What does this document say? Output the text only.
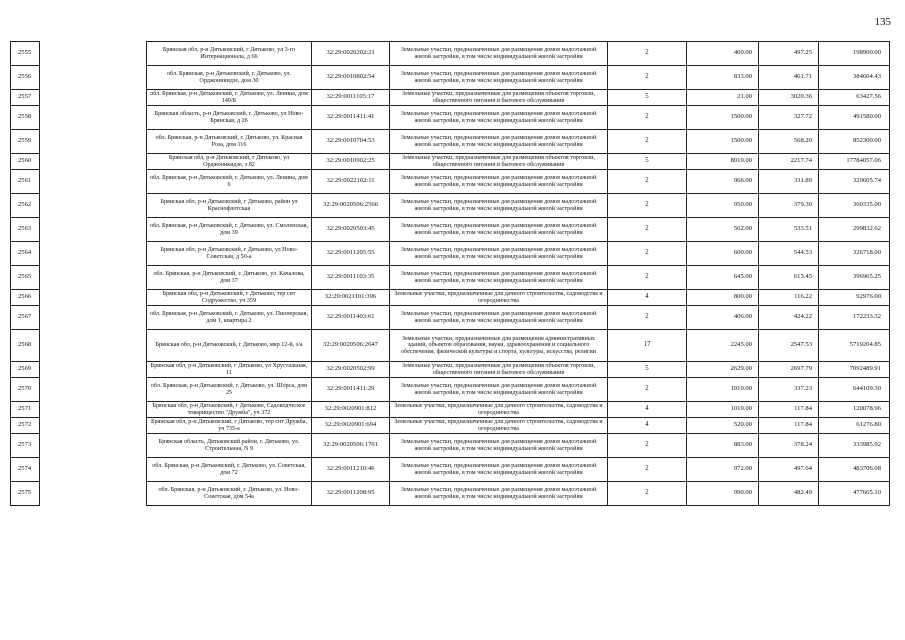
135
2555		Брянская обл, р-н Дятьковский, г Дятьково, ул 3-го Интернационала, д 66	32:29:0020202:21	Земельные участки, предназначенные для размещения домов малоэтажной жилой застройки, в том числе индивидуальной жилой застройки	2	400.00	497.25	198900.00
2556		обл. Брянская, р-н Дятьковский, г. Дятьково, ул. Орджоникидзе, дом 30	32:29:0010802:54	Земельные участки, предназначенные для размещения домов малоэтажной жилой застройки, в том числе индивидуальной жилой застройки	2	833.00	461.71	384604.43
2557		обл. Брянская, р-н Дятьковский, г. Дятьково, ул. Ленина, дом 149/Б	32:29:0011105:17	Земельные участки, предназначенные для размещения объектов торговли, общественного питания и бытового обслуживания	5	21.00	3020.36	63427.56
2558		Брянская область, р-н Дятьковский, г. Дятьково, ул Ново-Брянская, д 26	32:29:0011411:41	Земельные участки, предназначенные для размещения домов малоэтажной жилой застройки, в том числе индивидуальной жилой застройки	2	1500.00	327.72	491580.00
2559		обл. Брянская, р-н Дятьковский, г. Дятьково, ул. Красная Роза, дом 116	32:29:0010704:53	Земельные участки, предназначенные для размещения домов малоэтажной жилой застройки, в том числе индивидуальной жилой застройки	2	1500.00	568.20	852300.00
2560		Брянская обл, р-н Дятьковский, г Дятьково, ул Орджоникидзе, з 82	32:29:0010902:25	Земельные участки, предназначенные для размещения объектов торговли, общественного питания и бытового обслуживания	5	8019.00	2217.74	17784057.06
2561		обл. Брянская, р-н Дятьковский, г. Дятьково, ул. Ленина, дом 6	32:29:0022102:11	Земельные участки, предназначенные для размещения домов малоэтажной жилой застройки, в том числе индивидуальной жилой застройки	2	966.00	331.89	320605.74
2562		Брянская обл, р-н Дятьковский, г Дятьково, район ул Краснофлотская	32:29:0020506:2566	Земельные участки, предназначенные для размещения домов малоэтажной жилой застройки, в том числе индивидуальной жилой застройки	2	950.00	379.30	360335.00
2563		обл. Брянская, р-н Дятьковский, г. Дятьково, ул. Смоленская, дом 39	32:29:0020503:45	Земельные участки, предназначенные для размещения домов малоэтажной жилой застройки, в том числе индивидуальной жилой застройки	2	562.00	533.51	299832.62
2564		Брянская обл, р-н Дятьковский, г Дятьково, ул Ново-Советская, д 50-а	32:29:0011205:55	Земельные участки, предназначенные для размещения домов малоэтажной жилой застройки, в том числе индивидуальной жилой застройки	2	600.00	544.53	326718.00
2565		обл. Брянская, р-н Дятьковский, г. Дятьково, ул. Качалова, дом 37	32:29:0011103:35	Земельные участки, предназначенные для размещения домов малоэтажной жилой застройки, в том числе индивидуальной жилой застройки	2	645.00	615.45	396965.25
2566		Брянская обл, р-н Дятьковский, г Дятьково, тер снт Содружество, уч 359	32:29:0021101:396	Земельные участки, предназначенные для дачного строительства, садоводства и огородничества	4	800.00	116.22	92976.00
2567		обл. Брянская, р-н Дятьковский, г. Дятьково, ул. Пионерская, дом 1, квартира 2	32:29:0011403:61	Земельные участки, предназначенные для размещения домов малоэтажной жилой застройки, в том числе индивидуальной жилой застройки	2	406.00	424.22	172233.32
2568		Брянская обл, р-н Дятьковский, г Дятьково, мкр 12-й, з/а	32:29:0020506:2647	Земельные участки, предназначенные для размещения административных зданий, объектов образования, науки, здравоохранения и социального обеспечения, физической культуры и спорта, культуры, искусства, религии	17	2245.00	2547.53	5719204.85
2569		Брянская обл, р-н Дятьковский, г Дятьково, ул Хрустальная, 11	32:29:0020502:99	Земельные участки, предназначенные для размещения объектов торговли, общественного питания и бытового обслуживания	5	2629.00	2697.79	7092489.91
2570		обл. Брянская, р-н Дятьковский, г. Дятьково, ул. Шорса, дом 25	32:29:0011411:29	Земельные участки, предназначенные для размещения домов малоэтажной жилой застройки, в том числе индивидуальной жилой застройки	2	1910.00	337.23	644109.30
2571		Брянская обл, р-н Дятьковский, г Дятьково, Садоводческое товарищество "Дружба", уч 372	32:29:0020901:812	Земельные участки, предназначенные для дачного строительства, садоводства и огородничества	4	1019.00	117.84	120078.96
2572		Брянская обл, р-н Дятьковский, г Дятьково, тер снт Дружба, уч 735-а	32:29:0020901:694	Земельные участки, предназначенные для дачного строительства, садоводства и огородничества	4	520.00	117.84	61276.80
2573		Брянская область, Дятьковский район, г. Дятьково, ул. Строительная, N 9	32:29:0020506:1761	Земельные участки, предназначенные для размещения домов малоэтажной жилой застройки, в том числе индивидуальной жилой застройки	2	883.00	378.24	333985.92
2574		обл. Брянская, р-н Дятьковский, г. Дятьково, ул. Советская, дом 72	32:29:0011210:46	Земельные участки, предназначенные для размещения домов малоэтажной жилой застройки, в том числе индивидуальной жилой застройки	2	972.00	497.64	483706.08
2575		обл. Брянская, р-н Дятьковский, г. Дятьково, ул. Ново-Советская, дом 54а	32:29:0011208:95	Земельные участки, предназначенные для размещения домов малоэтажной жилой застройки, в том числе индивидуальной жилой застройки	2	990.00	482.49	477665.10
